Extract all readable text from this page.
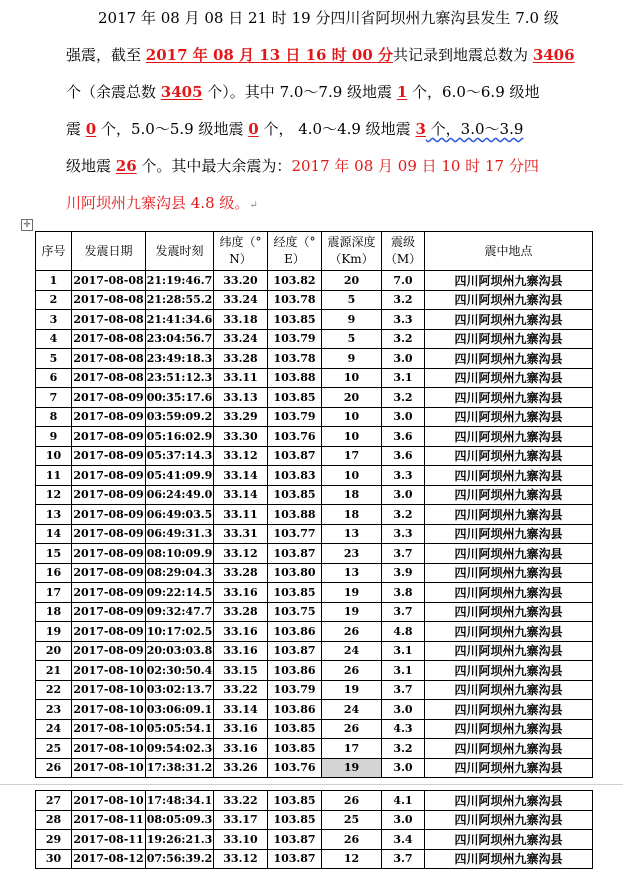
2017 年 08 月 08 日 21 时 19 分四川省阿坝州九寨沟县发生 7.0 级
强震，截至 2017 年 08 月 13 日 16 时 00 分共记录到地震总数为 3406
个（余震总数 3405 个）。其中 7.0～7.9 级地震 1 个，6.0～6.9 级地
震 0 个，5.0～5.9 级地震 0 个， 4.0～4.9 级地震 3 个，3.0～3.9
级地震 26 个。其中最大余震为：2017 年 08 月 09 日 10 时 17 分四
川阿坝州九寨沟县 4.8 级。↵
✛
序号	发震日期	发震时刻	纬度（° N）	经度（° E）	震源深度（Km）	震级（M）	震中地点
1	2017-08-08	21:19:46.7	33.20	103.82	20	7.0	四川阿坝州九寨沟县
2	2017-08-08	21:28:55.2	33.24	103.78	5	3.2	四川阿坝州九寨沟县
3	2017-08-08	21:41:34.6	33.18	103.85	9	3.3	四川阿坝州九寨沟县
4	2017-08-08	23:04:56.7	33.24	103.79	5	3.2	四川阿坝州九寨沟县
5	2017-08-08	23:49:18.3	33.28	103.78	9	3.0	四川阿坝州九寨沟县
6	2017-08-08	23:51:12.3	33.11	103.88	10	3.1	四川阿坝州九寨沟县
7	2017-08-09	00:35:17.6	33.13	103.85	20	3.2	四川阿坝州九寨沟县
8	2017-08-09	03:59:09.2	33.29	103.79	10	3.0	四川阿坝州九寨沟县
9	2017-08-09	05:16:02.9	33.30	103.76	10	3.6	四川阿坝州九寨沟县
10	2017-08-09	05:37:14.3	33.12	103.87	17	3.6	四川阿坝州九寨沟县
11	2017-08-09	05:41:09.9	33.14	103.83	10	3.3	四川阿坝州九寨沟县
12	2017-08-09	06:24:49.0	33.14	103.85	18	3.0	四川阿坝州九寨沟县
13	2017-08-09	06:49:03.5	33.11	103.88	18	3.2	四川阿坝州九寨沟县
14	2017-08-09	06:49:31.3	33.31	103.77	13	3.3	四川阿坝州九寨沟县
15	2017-08-09	08:10:09.9	33.12	103.87	23	3.7	四川阿坝州九寨沟县
16	2017-08-09	08:29:04.3	33.28	103.80	13	3.9	四川阿坝州九寨沟县
17	2017-08-09	09:22:14.5	33.16	103.85	19	3.8	四川阿坝州九寨沟县
18	2017-08-09	09:32:47.7	33.28	103.75	19	3.7	四川阿坝州九寨沟县
19	2017-08-09	10:17:02.5	33.16	103.86	26	4.8	四川阿坝州九寨沟县
20	2017-08-09	20:03:03.8	33.16	103.87	24	3.1	四川阿坝州九寨沟县
21	2017-08-10	02:30:50.4	33.15	103.86	26	3.1	四川阿坝州九寨沟县
22	2017-08-10	03:02:13.7	33.22	103.79	19	3.7	四川阿坝州九寨沟县
23	2017-08-10	03:06:09.1	33.14	103.86	24	3.0	四川阿坝州九寨沟县
24	2017-08-10	05:05:54.1	33.16	103.85	26	4.3	四川阿坝州九寨沟县
25	2017-08-10	09:54:02.3	33.16	103.85	17	3.2	四川阿坝州九寨沟县
26	2017-08-10	17:38:31.2	33.26	103.76	19	3.0	四川阿坝州九寨沟县
27	2017-08-10	17:48:34.1	33.22	103.85	26	4.1	四川阿坝州九寨沟县
28	2017-08-11	08:05:09.3	33.17	103.85	25	3.0	四川阿坝州九寨沟县
29	2017-08-11	19:26:21.3	33.10	103.87	26	3.4	四川阿坝州九寨沟县
30	2017-08-12	07:56:39.2	33.12	103.87	12	3.7	四川阿坝州九寨沟县
